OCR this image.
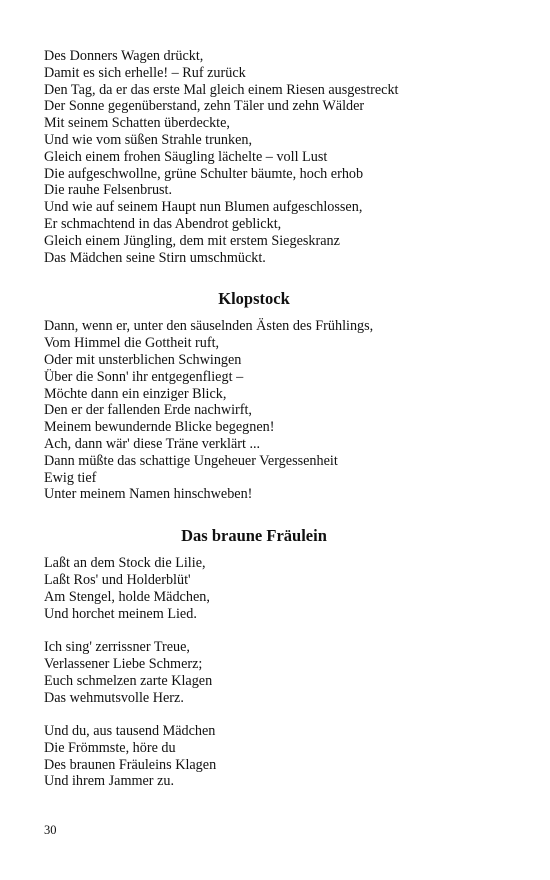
Des Donners Wagen drückt,
Damit es sich erhelle! – Ruf zurück
Den Tag, da er das erste Mal gleich einem Riesen ausgestreckt
Der Sonne gegenüberstand, zehn Täler und zehn Wälder
Mit seinem Schatten überdeckte,
Und wie vom süßen Strahle trunken,
Gleich einem frohen Säugling lächelte – voll Lust
Die aufgeschwollne, grüne Schulter bäumte, hoch erhob
Die rauhe Felsenbrust.
Und wie auf seinem Haupt nun Blumen aufgeschlossen,
Er schmachtend in das Abendrot geblickt,
Gleich einem Jüngling, dem mit erstem Siegeskranz
Das Mädchen seine Stirn umschmückt.
Klopstock
Dann, wenn er, unter den säuselnden Ästen des Frühlings,
Vom Himmel die Gottheit ruft,
Oder mit unsterblichen Schwingen
Über die Sonn' ihr entgegenfliegt –
Möchte dann ein einziger Blick,
Den er der fallenden Erde nachwirft,
Meinem bewundernde Blicke begegnen!
Ach, dann wär' diese Träne verklärt ...
Dann müßte das schattige Ungeheuer Vergessenheit
Ewig tief
Unter meinem Namen hinschweben!
Das braune Fräulein
Laßt an dem Stock die Lilie,
Laßt Ros' und Holderblüt'
Am Stengel, holde Mädchen,
Und horchet meinem Lied.
Ich sing' zerrissner Treue,
Verlassener Liebe Schmerz;
Euch schmelzen zarte Klagen
Das wehmutsvolle Herz.
Und du, aus tausend Mädchen
Die Frömmste, höre du
Des braunen Fräuleins Klagen
Und ihrem Jammer zu.
30
